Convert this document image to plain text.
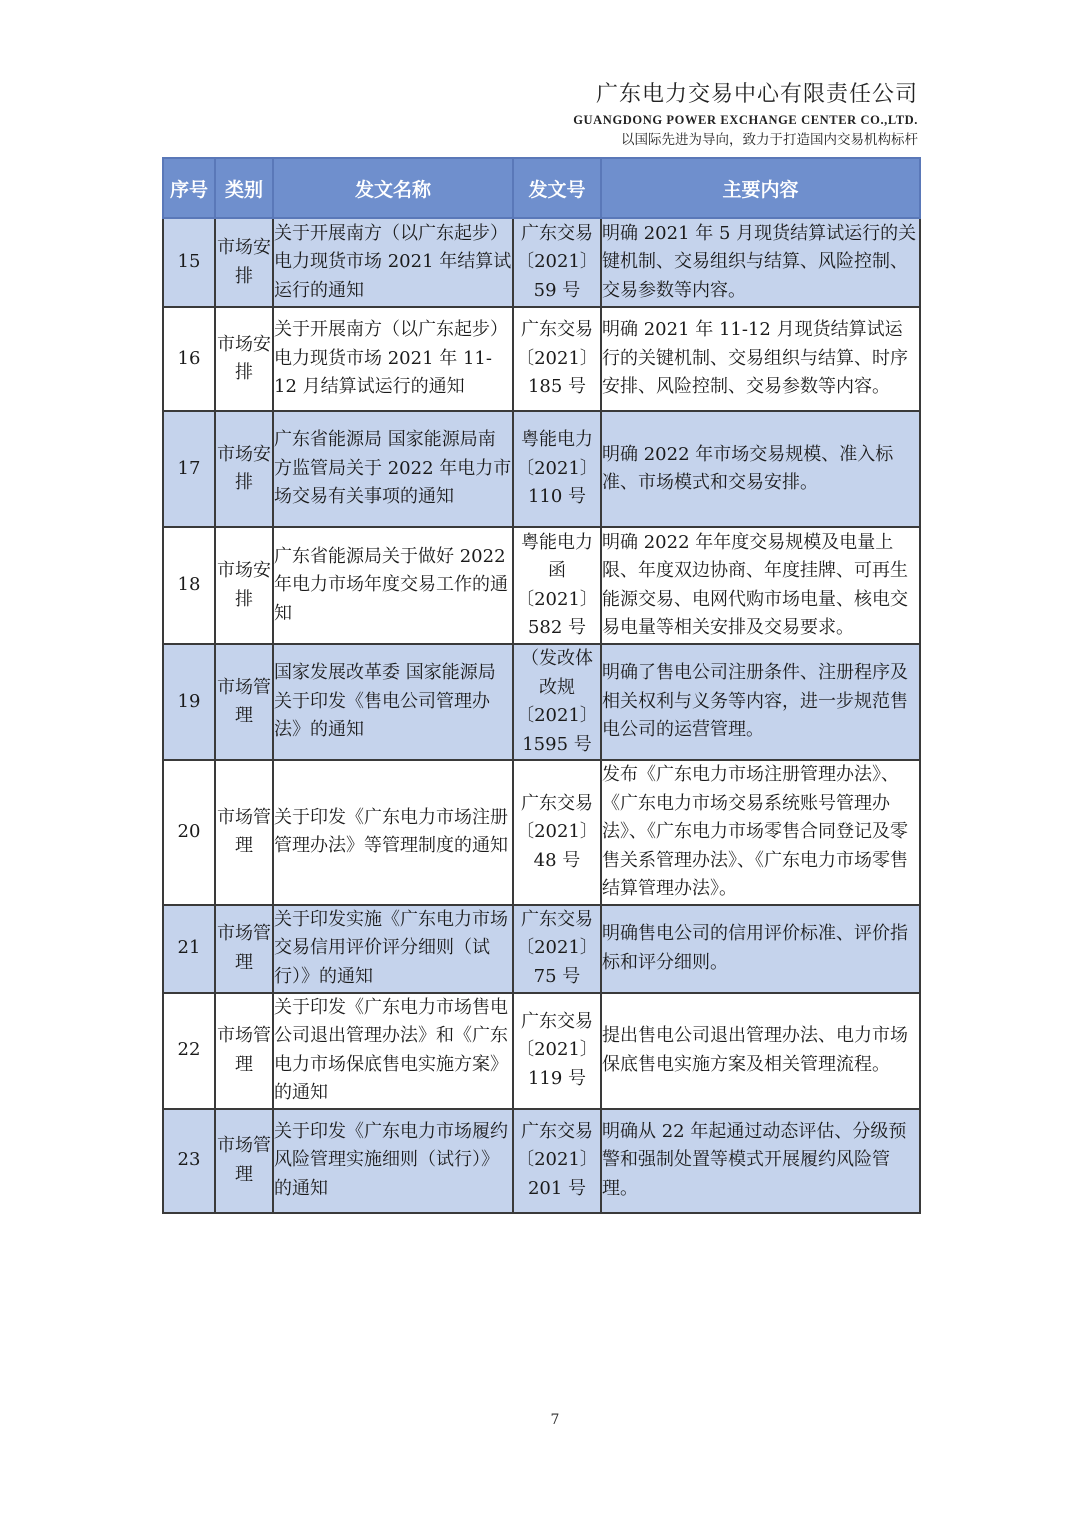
广东电力交易中心有限责任公司
GUANGDONG POWER EXCHANGE CENTER CO.,LTD.
以国际先进为导向，致力于打造国内交易机构标杆
序号	类别	发文名称	发文号	主要内容
15	市场安排	关于开展南方（以广东起步）电力现货市场 2021 年结算试运行的通知	广东交易〔2021〕59 号	明确 2021 年 5 月现货结算试运行的关键机制、交易组织与结算、风险控制、交易参数等内容。
16	市场安排	关于开展南方（以广东起步）电力现货市场 2021 年 11-12 月结算试运行的通知	广东交易〔2021〕185 号	明确 2021 年 11-12 月现货结算试运行的关键机制、交易组织与结算、时序安排、风险控制、交易参数等内容。
17	市场安排	广东省能源局 国家能源局南方监管局关于 2022 年电力市场交易有关事项的通知	粤能电力〔2021〕110 号	明确 2022 年市场交易规模、准入标准、市场模式和交易安排。
18	市场安排	广东省能源局关于做好 2022 年电力市场年度交易工作的通知	粤能电力函〔2021〕582 号	明确 2022 年年度交易规模及电量上限、年度双边协商、年度挂牌、可再生能源交易、电网代购市场电量、核电交易电量等相关安排及交易要求。
19	市场管理	国家发展改革委 国家能源局关于印发《售电公司管理办法》的通知	（发改体改规〔2021〕1595 号	明确了售电公司注册条件、注册程序及相关权利与义务等内容，进一步规范售电公司的运营管理。
20	市场管理	关于印发《广东电力市场注册管理办法》等管理制度的通知	广东交易〔2021〕48 号	发布《广东电力市场注册管理办法》、《广东电力市场交易系统账号管理办法》、《广东电力市场零售合同登记及零售关系管理办法》、《广东电力市场零售结算管理办法》。
21	市场管理	关于印发实施《广东电力市场交易信用评价评分细则（试行）》的通知	广东交易〔2021〕75 号	明确售电公司的信用评价标准、评价指标和评分细则。
22	市场管理	关于印发《广东电力市场售电公司退出管理办法》和《广东电力市场保底售电实施方案》的通知	广东交易〔2021〕119 号	提出售电公司退出管理办法、电力市场保底售电实施方案及相关管理流程。
23	市场管理	关于印发《广东电力市场履约风险管理实施细则（试行）》的通知	广东交易〔2021〕201 号	明确从 22 年起通过动态评估、分级预警和强制处置等模式开展履约风险管理。
7
